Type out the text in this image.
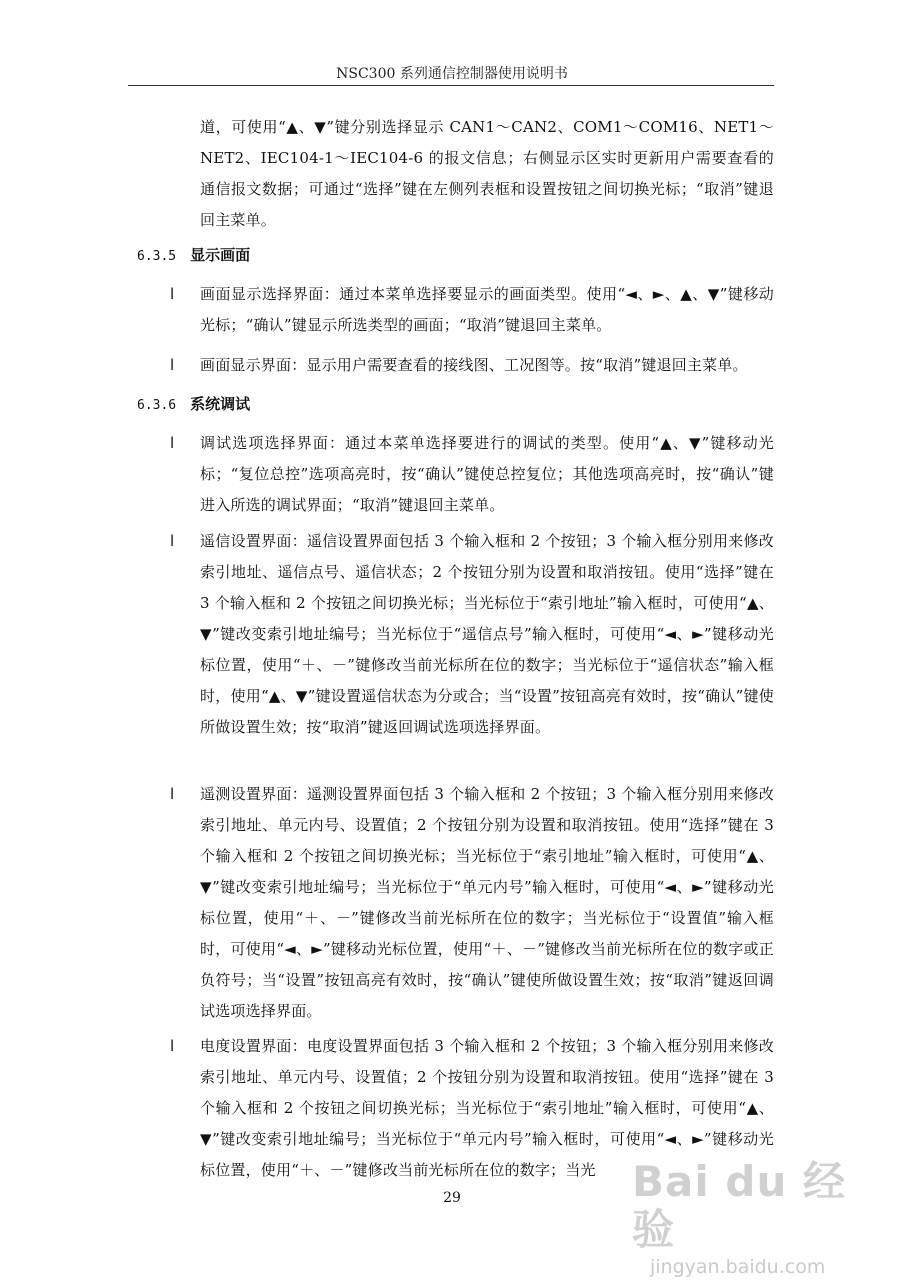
NSC300 系列通信控制器使用说明书
道，可使用“▲、▼”键分别选择显示 CAN1～CAN2、COM1～COM16、NET1～NET2、IEC104-1～IEC104-6 的报文信息；右侧显示区实时更新用户需要查看的通信报文数据；可通过“选择”键在左侧列表框和设置按钮之间切换光标；“取消”键退回主菜单。
6.3.5 显示画面
l 画面显示选择界面：通过本菜单选择要显示的画面类型。使用“◄、►、▲、▼”键移动光标；“确认”键显示所选类型的画面；“取消”键退回主菜单。
l 画面显示界面：显示用户需要查看的接线图、工况图等。按“取消”键退回主菜单。
6.3.6 系统调试
l 调试选项选择界面：通过本菜单选择要进行的调试的类型。使用“▲、▼”键移动光标；“复位总控”选项高亮时，按“确认”键使总控复位；其他选项高亮时，按“确认”键进入所选的调试界面；“取消”键退回主菜单。
l 遥信设置界面：遥信设置界面包括 3 个输入框和 2 个按钮；3 个输入框分别用来修改索引地址、遥信点号、遥信状态；2 个按钮分别为设置和取消按钮。使用“选择”键在 3 个输入框和 2 个按钮之间切换光标；当光标位于“索引地址”输入框时，可使用“▲、▼”键改变索引地址编号；当光标位于“遥信点号”输入框时，可使用“◄、►”键移动光标位置，使用“＋、－”键修改当前光标所在位的数字；当光标位于“遥信状态”输入框时，使用“▲、▼”键设置遥信状态为分或合；当“设置”按钮高亮有效时，按“确认”键使所做设置生效；按“取消”键返回调试选项选择界面。
l 遥测设置界面：遥测设置界面包括 3 个输入框和 2 个按钮；3 个输入框分别用来修改索引地址、单元内号、设置值；2 个按钮分别为设置和取消按钮。使用“选择”键在 3 个输入框和 2 个按钮之间切换光标；当光标位于“索引地址”输入框时，可使用“▲、▼”键改变索引地址编号；当光标位于“单元内号”输入框时，可使用“◄、►”键移动光标位置，使用“＋、－”键修改当前光标所在位的数字；当光标位于“设置值”输入框时，可使用“◄、►”键移动光标位置，使用“＋、－”键修改当前光标所在位的数字或正负符号；当“设置”按钮高亮有效时，按“确认”键使所做设置生效；按“取消”键返回调试选项选择界面。
l 电度设置界面：电度设置界面包括 3 个输入框和 2 个按钮；3 个输入框分别用来修改索引地址、单元内号、设置值；2 个按钮分别为设置和取消按钮。使用“选择”键在 3 个输入框和 2 个按钮之间切换光标；当光标位于“索引地址”输入框时，可使用“▲、▼”键改变索引地址编号；当光标位于“单元内号”输入框时，可使用“◄、►”键移动光标位置，使用“＋、－”键修改当前光标所在位的数字；当光
29	Bai du 经验
jingyan.baidu.com
